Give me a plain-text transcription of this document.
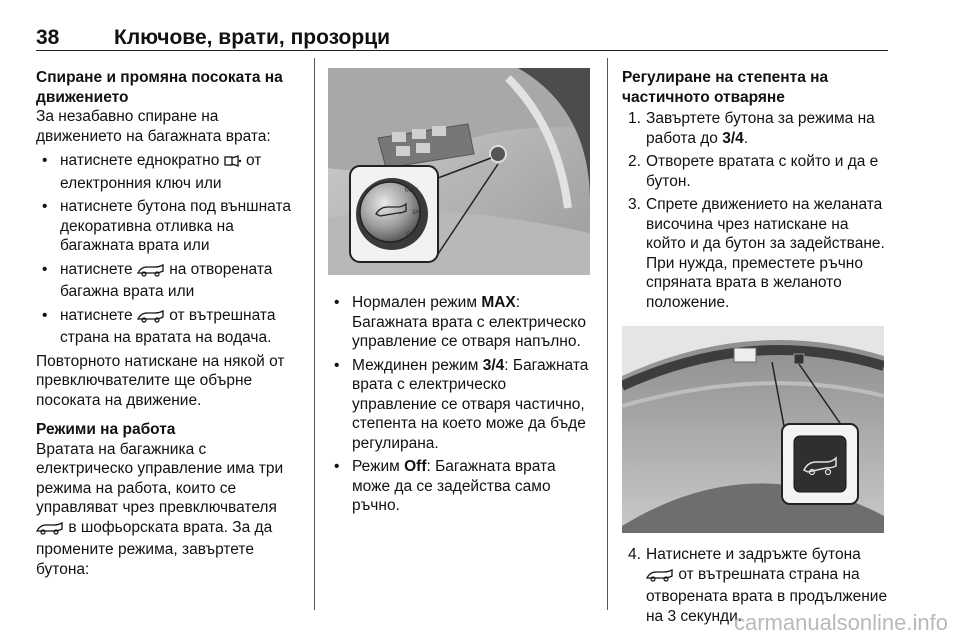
38	Ключове, врати, прозорци
Спиране и промяна посоката на движението

За незабавно спиране на движението на багажната врата:

• натиснете еднократно от електронния ключ или
• натиснете бутона под външната декоративна отливка на багажната врата или
• натиснете на отворената багажна врата или
• натиснете от вътрешната страна на вратата на водача.

Повторното натискане на някой от превключвателите ще обърне посоката на движение.

Режими на работа

Вратата на багажника с електрическо управление има три режима на работа, които се управляват чрез превключвателя  в шофьорската врата. За да промените режима, завъртете бутона:

MAX
3/4
OFF
• Нормален режим MAX: Багажната врата с електрическо управление се отваря напълно.
• Междинен режим 3/4: Багажната врата с електрическо управление се отваря частично, степента на което може да бъде регулирана.
• Режим Off: Багажната врата може да се задейства само ръчно.
Регулиране на степента на частичното отваряне
1. Завъртете бутона за режима на работа до 3/4.
2. Отворете вратата с който и да е бутон.
3. Спрете движението на желаната височина чрез натискане на който и да бутон за задействане. При нужда, преместете ръчно спряната врата в желаното положение.
4. Натиснете и задръжте бутона  от вътрешната страна на отворената врата в продължение на 3 секунди.
carmanualsonline.info
